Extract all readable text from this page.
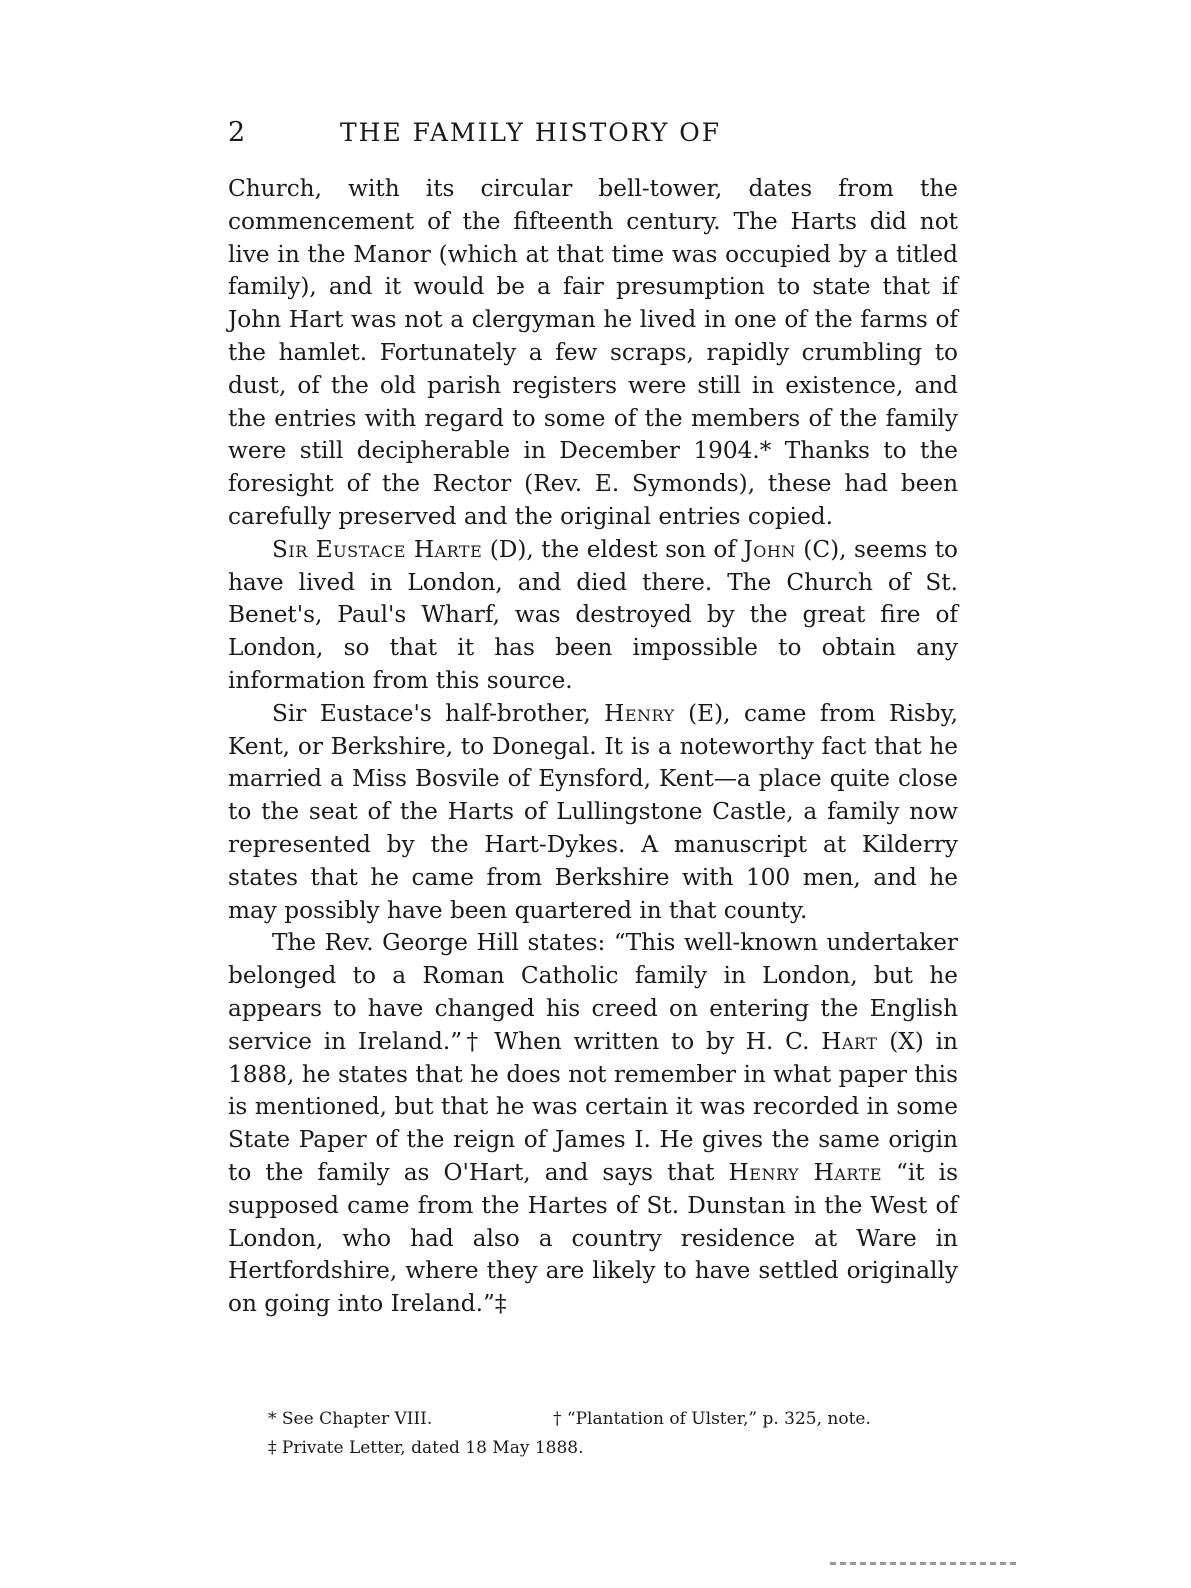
2	THE FAMILY HISTORY OF

Church, with its circular bell-tower, dates from the commencement of the fifteenth century. The Harts did not live in the Manor (which at that time was occupied by a titled family), and it would be a fair presumption to state that if John Hart was not a clergyman he lived in one of the farms of the hamlet. Fortunately a few scraps, rapidly crumbling to dust, of the old parish registers were still in existence, and the entries with regard to some of the members of the family were still decipherable in December 1904.* Thanks to the foresight of the Rector (Rev. E. Symonds), these had been carefully preserved and the original entries copied.

Sir Eustace Harte (D), the eldest son of John (C), seems to have lived in London, and died there. The Church of St. Benet's, Paul's Wharf, was destroyed by the great fire of London, so that it has been impossible to obtain any information from this source.

Sir Eustace's half-brother, Henry (E), came from Risby, Kent, or Berkshire, to Donegal. It is a noteworthy fact that he married a Miss Bosvile of Eynsford, Kent—a place quite close to the seat of the Harts of Lullingstone Castle, a family now represented by the Hart-Dykes. A manuscript at Kilderry states that he came from Berkshire with 100 men, and he may possibly have been quartered in that county.

The Rev. George Hill states: “This well-known undertaker belonged to a Roman Catholic family in London, but he appears to have changed his creed on entering the English service in Ireland.”† When written to by H. C. Hart (X) in 1888, he states that he does not remember in what paper this is mentioned, but that he was certain it was recorded in some State Paper of the reign of James I. He gives the same origin to the family as O'Hart, and says that Henry Harte “it is supposed came from the Hartes of St. Dunstan in the West of London, who had also a country residence at Ware in Hertfordshire, where they are likely to have settled originally on going into Ireland.”‡

* See Chapter VIII.	† “Plantation of Ulster,” p. 325, note.
‡ Private Letter, dated 18 May 1888.
